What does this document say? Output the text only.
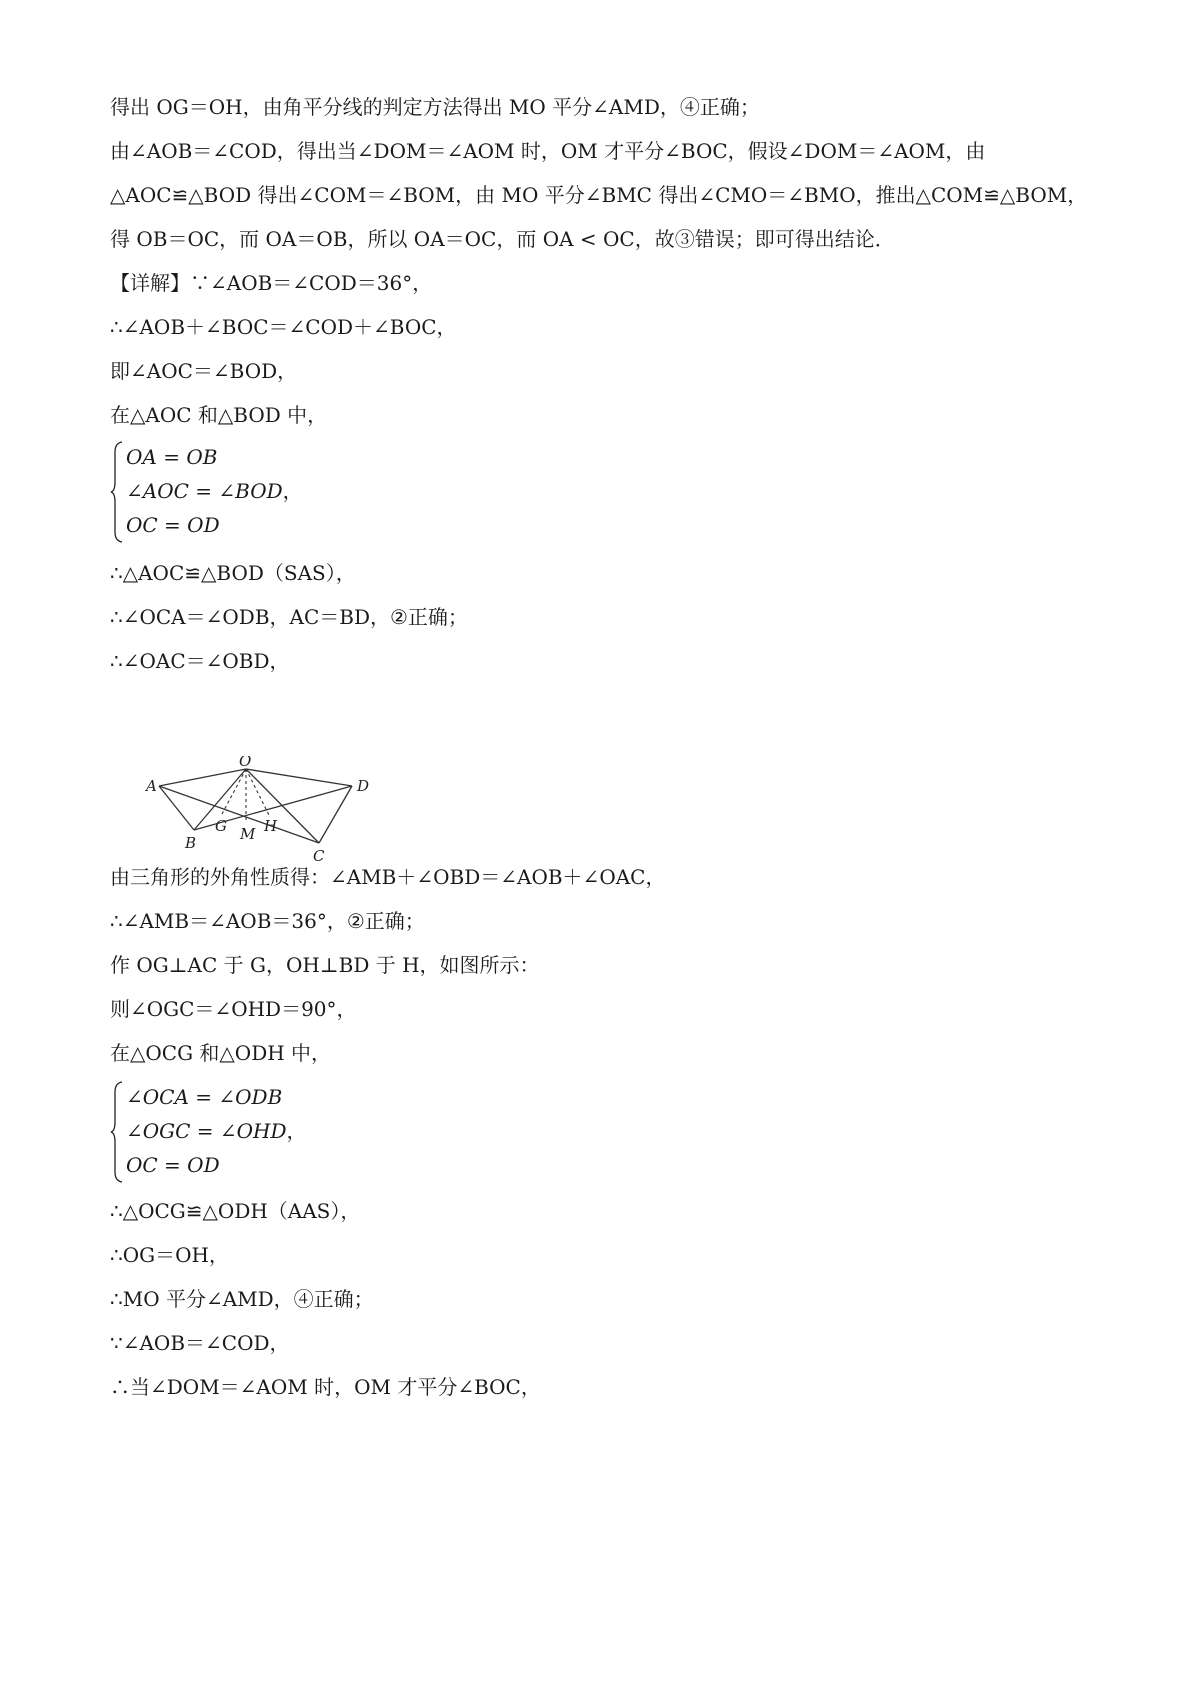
得出 OG＝OH，由角平分线的判定方法得出 MO 平分∠AMD，④正确；
由∠AOB＝∠COD，得出当∠DOM＝∠AOM 时，OM 才平分∠BOC，假设∠DOM＝∠AOM，由
△AOC≌△BOD 得出∠COM＝∠BOM，由 MO 平分∠BMC 得出∠CMO＝∠BMO，推出△COM≌△BOM，
得 OB＝OC，而 OA＝OB，所以 OA＝OC，而 OA < OC，故③错误；即可得出结论．
【详解】∵∠AOB＝∠COD＝36°，
∴∠AOB＋∠BOC＝∠COD＋∠BOC，
即∠AOC＝∠BOD，
在△AOC 和△BOD 中，
OA = OB
∠AOC = ∠BOD，
OC = OD
∴△AOC≌△BOD（SAS），
∴∠OCA＝∠ODB，AC＝BD，②正确；
∴∠OAC＝∠OBD，
O
A	D
G H
M
B
C
由三角形的外角性质得：∠AMB＋∠OBD＝∠AOB＋∠OAC，
∴∠AMB＝∠AOB＝36°，②正确；
作 OG⊥AC 于 G，OH⊥BD 于 H，如图所示：
则∠OGC＝∠OHD＝90°，
在△OCG 和△ODH 中，
∠OCA = ∠ODB
∠OGC = ∠OHD，
OC = OD
∴△OCG≌△ODH（AAS），
∴OG＝OH，
∴MO 平分∠AMD，④正确；
∵∠AOB＝∠COD，
∴当∠DOM＝∠AOM 时，OM 才平分∠BOC，
